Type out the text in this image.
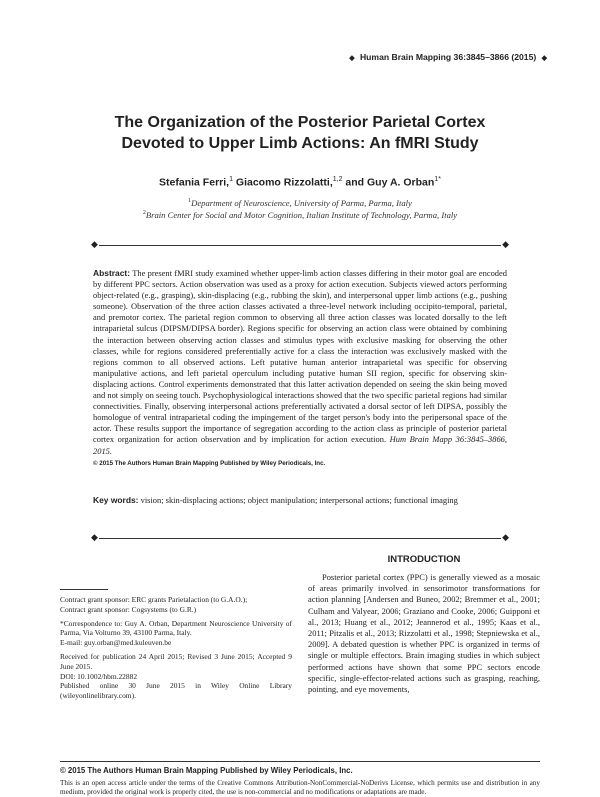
◆ Human Brain Mapping 36:3845–3866 (2015) ◆
The Organization of the Posterior Parietal Cortex
Devoted to Upper Limb Actions: An fMRI Study
Stefania Ferri,$^1$ Giacomo Rizzolatti,$^{1,2}$ and Guy A. Orban$^{1*}$
$^1$Department of Neuroscience, University of Parma, Parma, Italy
$^2$Brain Center for Social and Motor Cognition, Italian Institute of Technology, Parma, Italy
◆	◆
Abstract: The present fMRI study examined whether upper-limb action classes differing in their motor goal are encoded by different PPC sectors. Action observation was used as a proxy for action execution. Subjects viewed actors performing object-related (e.g., grasping), skin-displacing (e.g., rubbing the skin), and interpersonal upper limb actions (e.g., pushing someone). Observation of the three action classes activated a three-level network including occipito-temporal, parietal, and premotor cortex. The parietal region common to observing all three action classes was located dorsally to the left intraparietal sulcus (DIPSM/DIPSA border). Regions specific for observing an action class were obtained by combining the interaction between observing action classes and stimulus types with exclusive masking for observing the other classes, while for regions considered preferentially active for a class the interaction was exclusively masked with the regions common to all observed actions. Left putative human anterior intraparietal was specific for observing manipulative actions, and left parietal operculum including putative human SII region, specific for observing skin-displacing actions. Control experiments demonstrated that this latter activation depended on seeing the skin being moved and not simply on seeing touch. Psychophysiological interactions showed that the two specific parietal regions had similar connectivities. Finally, observing interpersonal actions preferentially activated a dorsal sector of left DIPSA, possibly the homologue of ventral intraparietal coding the impingement of the target person's body into the peripersonal space of the actor. These results support the importance of segregation according to the action class as principle of posterior parietal cortex organization for action observation and by implication for action execution. Hum Brain Mapp 36:3845–3866, 2015.
© 2015 The Authors Human Brain Mapping Published by Wiley Periodicals, Inc.
Key words: vision; skin-displacing actions; object manipulation; interpersonal actions; functional imaging
◆	◆
INTRODUCTION

Posterior parietal cortex (PPC) is generally viewed as a mosaic of areas primarily involved in sensorimotor transformations for action planning [Andersen and Buneo, 2002; Bremmer et al., 2001; Culham and Valyear, 2006; Graziano and Cooke, 2006; Guipponi et al., 2013; Huang et al., 2012; Jeannerod et al., 1995; Kaas et al., 2011; Pitzalis et al., 2013; Rizzolatti et al., 1998; Stepniewska et al., 2009]. A debated question is whether PPC is organized in terms of single or multiple effectors. Brain imaging studies in which subject performed actions have shown that some PPC sectors encode specific, single-effector-related actions such as grasping, reaching, pointing, and eye movements,

Contract grant sponsor: ERC grants Parietalaction (to G.A.O.);

Contract grant sponsor: Cogsystems (to G.R.)

*Correspondence to: Guy A. Orban, Department Neuroscience University of Parma, Via Volturno 39, 43100 Parma, Italy.

E-mail: guy.orban@med.kuleuven.be

Received for publication 24 April 2015; Revised 3 June 2015; Accepted 9 June 2015.

DOI: 10.1002/hbm.22882

Published online 30 June 2015 in Wiley Online Library (wileyonlinelibrary.com).

© 2015 The Authors Human Brain Mapping Published by Wiley Periodicals, Inc.
This is an open access article under the terms of the Creative Commons Attribution-NonCommercial-NoDerivs License, which permits use and distribution in any medium, provided the original work is properly cited, the use is non-commercial and no modifications or adaptations are made.
